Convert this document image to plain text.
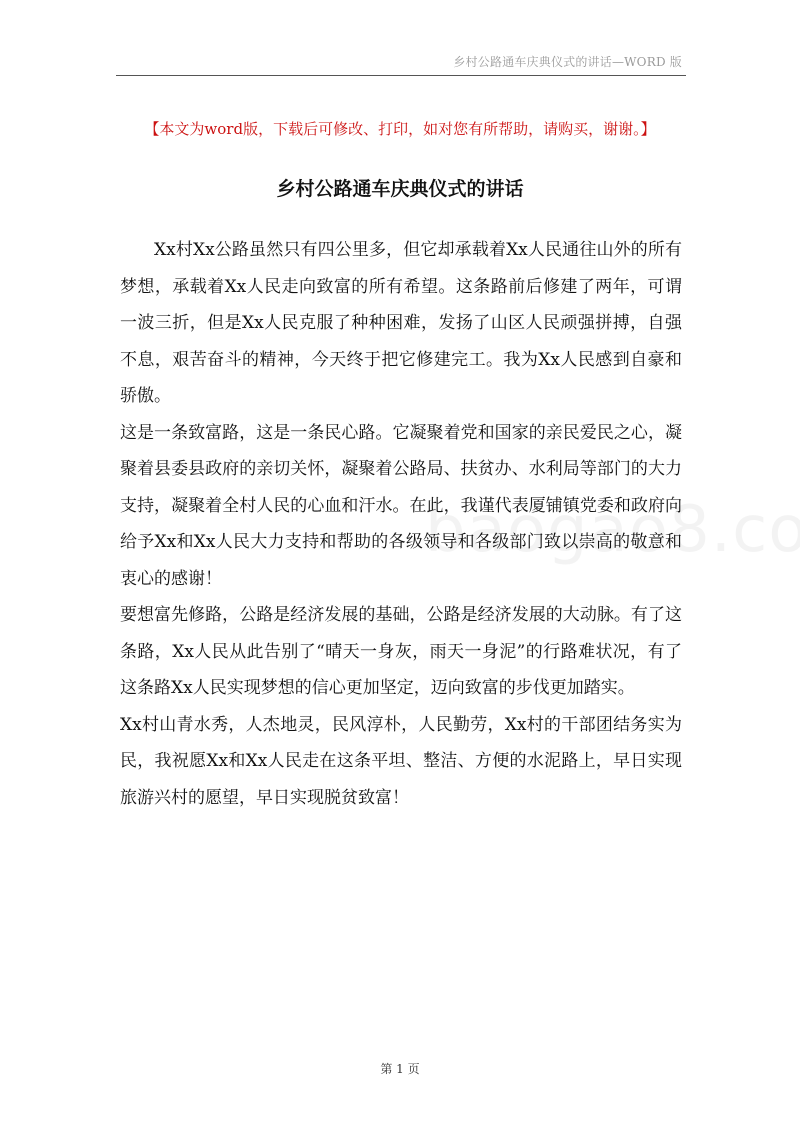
乡村公路通车庆典仪式的讲话—WORD 版
【本文为word版，下载后可修改、打印，如对您有所帮助，请购买，谢谢。】
乡村公路通车庆典仪式的讲话

Xx村Xx公路虽然只有四公里多，但它却承载着Xx人民通往山外的所有梦想，承载着Xx人民走向致富的所有希望。这条路前后修建了两年，可谓一波三折，但是Xx人民克服了种种困难，发扬了山区人民顽强拼搏，自强不息，艰苦奋斗的精神，今天终于把它修建完工。我为Xx人民感到自豪和骄傲。

这是一条致富路，这是一条民心路。它凝聚着党和国家的亲民爱民之心，凝聚着县委县政府的亲切关怀，凝聚着公路局、扶贫办、水利局等部门的大力支持，凝聚着全村人民的心血和汗水。在此，我谨代表厦铺镇党委和政府向给予Xx和Xx人民大力支持和帮助的各级领导和各级部门致以崇高的敬意和衷心的感谢！

要想富先修路，公路是经济发展的基础，公路是经济发展的大动脉。有了这条路，Xx人民从此告别了“晴天一身灰，雨天一身泥”的行路难状况，有了这条路Xx人民实现梦想的信心更加坚定，迈向致富的步伐更加踏实。

Xx村山青水秀，人杰地灵，民风淳朴，人民勤劳，Xx村的干部团结务实为民，我祝愿Xx和Xx人民走在这条平坦、整洁、方便的水泥路上，早日实现旅游兴村的愿望，早日实现脱贫致富！

第 1 页
